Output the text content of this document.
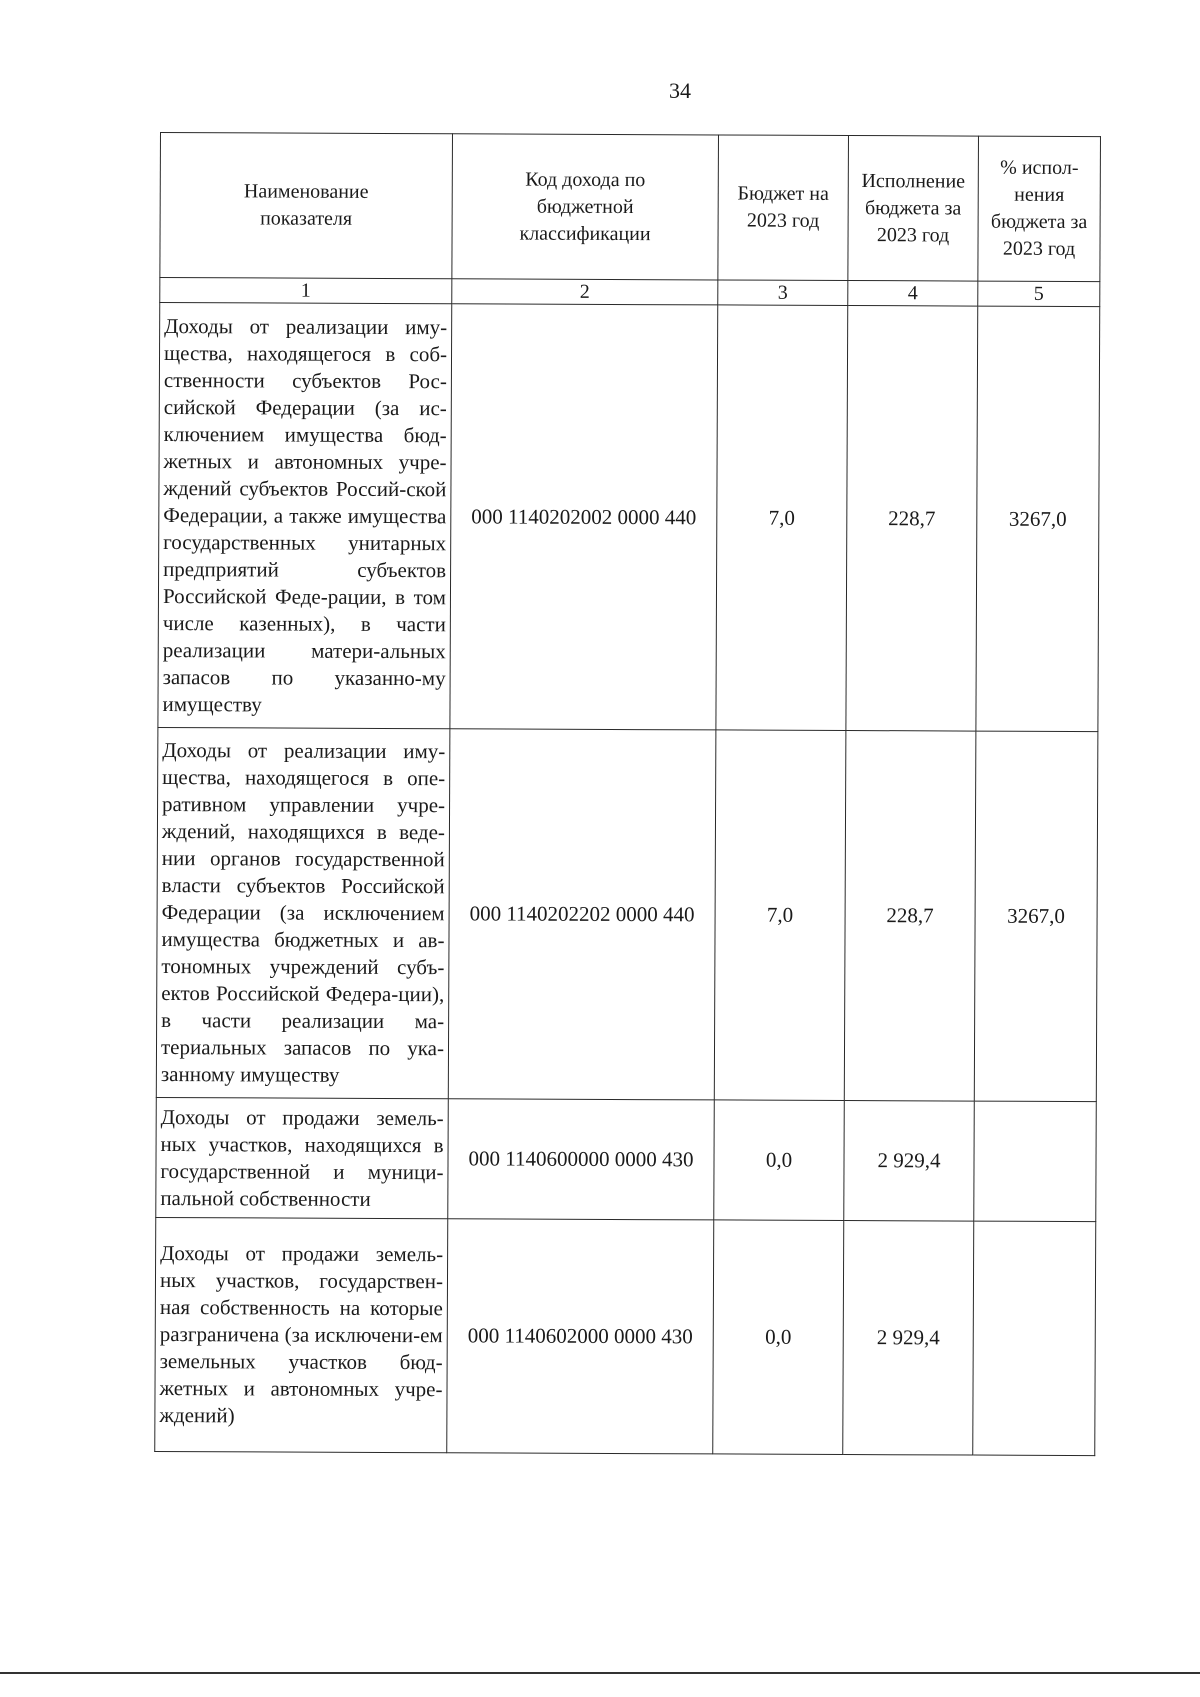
34
Наименование показателя	Код дохода по бюджетной классификации	Бюджет на 2023 год	Исполнение бюджета за 2023 год	% испол-нения бюджета за 2023 год
1	2	3	4	5
Доходы от реализации иму-щества, находящегося в соб-ственности субъектов Рос-сийской Федерации (за ис-ключением имущества бюд-жетных и автономных учре-ждений субъектов Россий-ской Федерации, а также имущества государственных унитарных предприятий субъектов Российской Феде-рации, в том числе казенных), в части реализации матери-альных запасов по указанно-му имуществу	000 1140202002 0000 440	7,0	228,7	3267,0
Доходы от реализации иму-щества, находящегося в опе-ративном управлении учре-ждений, находящихся в веде-нии органов государственной власти субъектов Российской Федерации (за исключением имущества бюджетных и ав-тономных учреждений субъ-ектов Российской Федера-ции), в части реализации ма-териальных запасов по ука-занному имуществу	000 1140202202 0000 440	7,0	228,7	3267,0
Доходы от продажи земель-ных участков, находящихся в государственной и муници-пальной собственности	000 1140600000 0000 430	0,0	2 929,4	
Доходы от продажи земель-ных участков, государствен-ная собственность на которые разграничена (за исключени-ем земельных участков бюд-жетных и автономных учре-ждений)	000 1140602000 0000 430	0,0	2 929,4	
